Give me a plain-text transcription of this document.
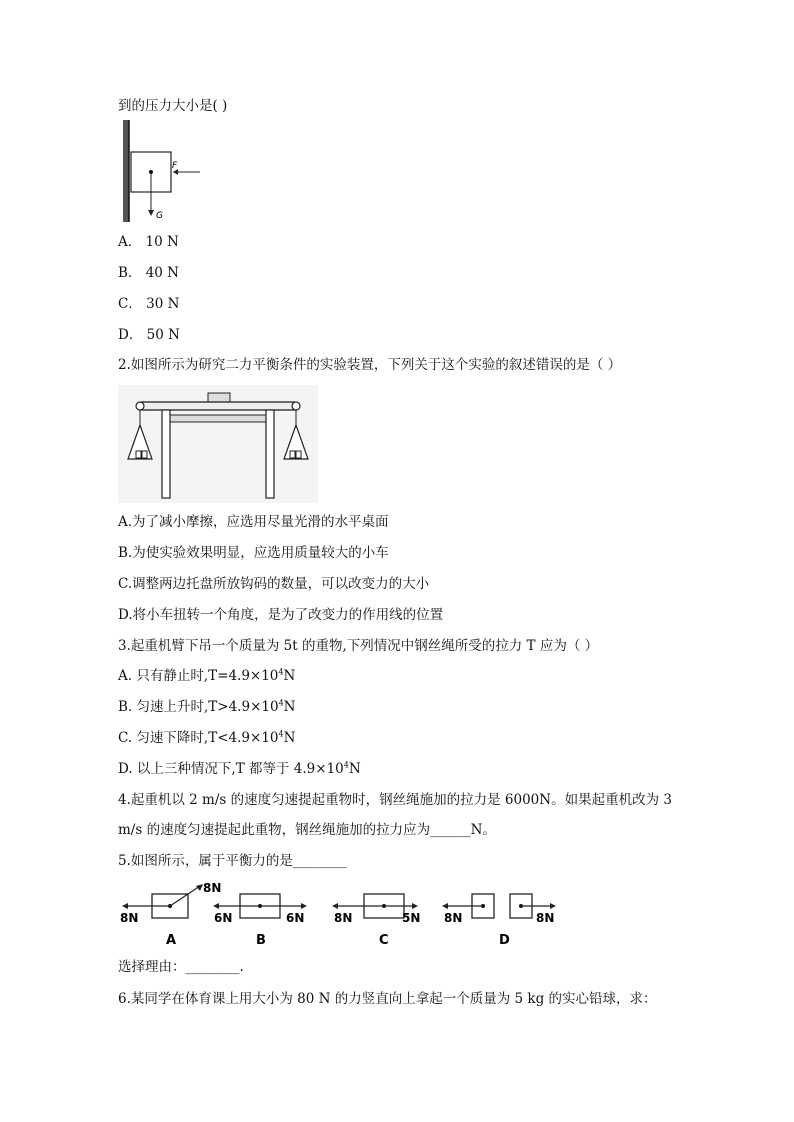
到的压力大小是( )
F
G
A． 10 N
B． 40 N
C． 30 N
D． 50 N
2.如图所示为研究二力平衡条件的实验装置，下列关于这个实验的叙述错误的是（ ）
A.为了减小摩擦，应选用尽量光滑的水平桌面
B.为使实验效果明显，应选用质量较大的小车
C.调整两边托盘所放钩码的数量，可以改变力的大小
D.将小车扭转一个角度，是为了改变力的作用线的位置
3.起重机臂下吊一个质量为 5t 的重物,下列情况中钢丝绳所受的拉力 T 应为（ ）
A. 只有静止时$,T=4.9\times 10^4N$
B. 匀速上升时$,T>4.9\times 10^4N$
C. 匀速下降时$,T<4.9\times 10^4N$
D. 以上三种情况下,T 都等于 $4.9\times 10^4N$
4.起重机以 2 m/s 的速度匀速提起重物时，钢丝绳施加的拉力是 6000N。如果起重机改为 3
m/s 的速度匀速提起此重物，钢丝绳施加的拉力应为______N。
5.如图所示，属于平衡力的是________
8N
8N
A
6N	6N
B
8N	5N
C
8N	8N
D
选择理由：________.
6.某同学在体育课上用大小为 80 N 的力竖直向上拿起一个质量为 5 kg 的实心铅球，求：
